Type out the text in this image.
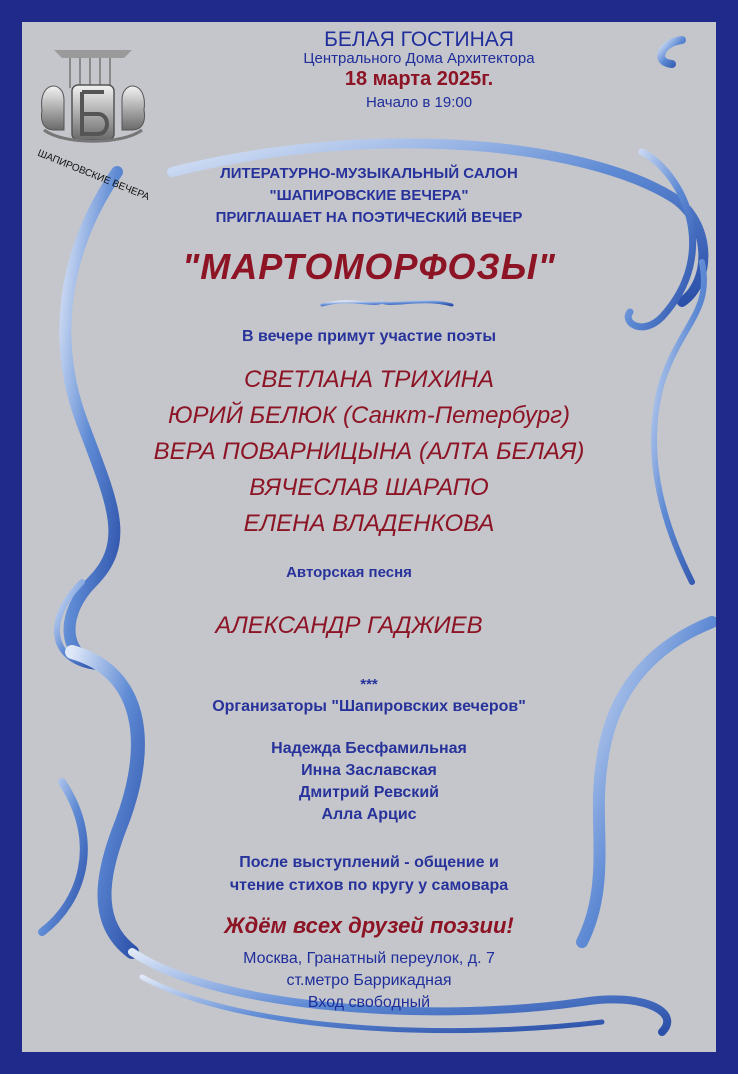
ШАПИРОВСКИЕ ВЕЧЕРА

БЕЛАЯ ГОСТИНАЯ

Центрального Дома Архитектора

18 марта 2025г.

Начало в 19:00

ЛИТЕРАТУРНО-МУЗЫКАЛЬНЫЙ САЛОН

"ШАПИРОВСКИЕ ВЕЧЕРА"

ПРИГЛАШАЕТ НА ПОЭТИЧЕСКИЙ ВЕЧЕР

"МАРТОМОРФОЗЫ"

В вечере примут участие поэты

СВЕТЛАНА ТРИХИНА

ЮРИЙ БЕЛЮК (Санкт-Петербург)

ВЕРА ПОВАРНИЦЫНА (АЛТА БЕЛАЯ)

ВЯЧЕСЛАВ ШАРАПО

ЕЛЕНА ВЛАДЕНКОВА

Авторская песня

АЛЕКСАНДР ГАДЖИЕВ

***

Организаторы "Шапировских вечеров"

Надежда Бесфамильная

Инна Заславская

Дмитрий Ревский

Алла Арцис

После выступлений - общение и

чтение стихов по кругу у самовара

Ждём всех друзей поэзии!

Москва, Гранатный переулок, д. 7

ст.метро Баррикадная

Вход свободный
